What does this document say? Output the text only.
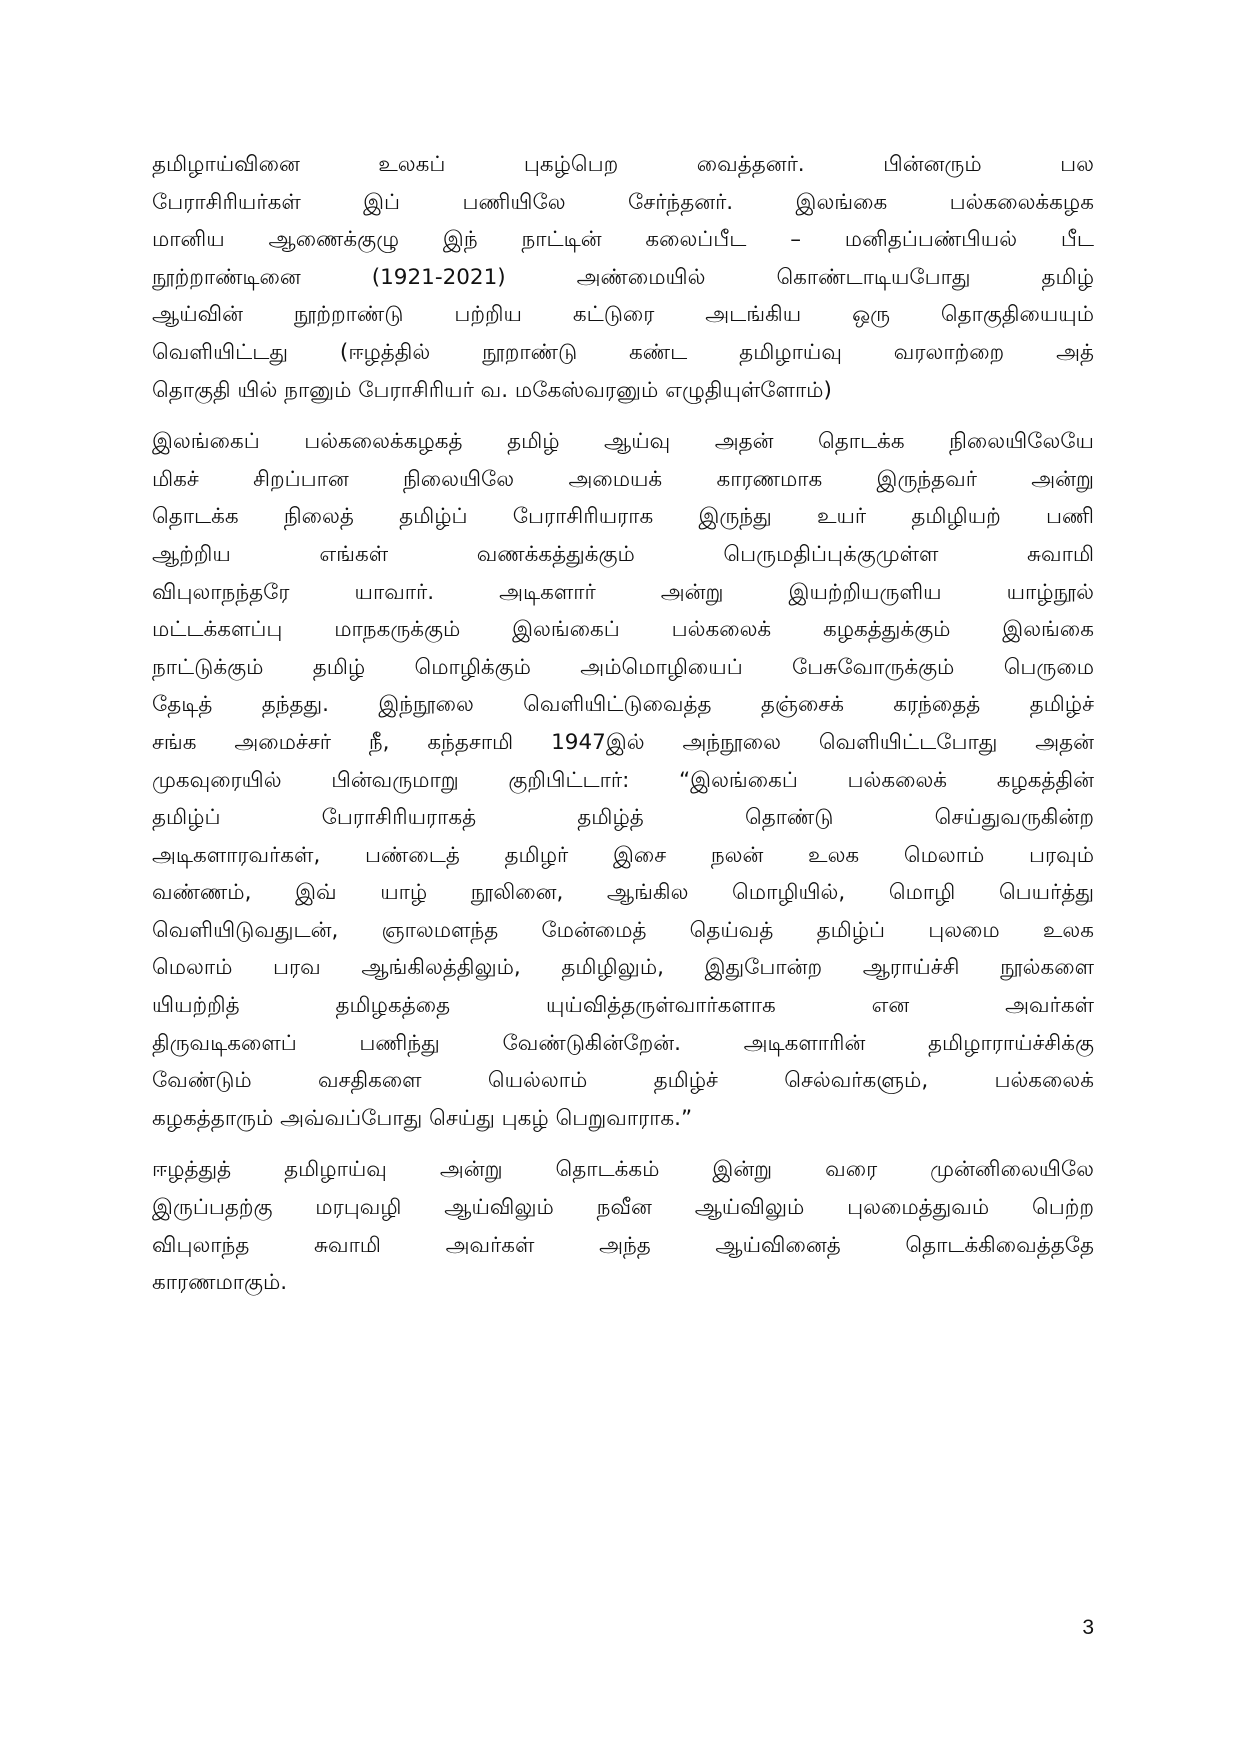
தமிழாய்வினை உலகப் புகழ்பெற வைத்தனர். பின்னரும் பல
பேராசிரியர்கள் இப் பணியிலே சேர்ந்தனர். இலங்கை பல்கலைக்கழக
மானிய ஆணைக்குழு இந் நாட்டின் கலைப்பீட – மனிதப்பண்பியல் பீட
நூற்றாண்டினை (1921-2021) அண்மையில் கொண்டாடியபோது தமிழ்
ஆய்வின் நூற்றாண்டு பற்றிய கட்டுரை அடங்கிய ஒரு தொகுதியையும்
வெளியிட்டது (ஈழத்தில் நூறாண்டு கண்ட தமிழாய்வு வரலாற்றை அத்
தொகுதி யில் நானும் பேராசிரியர் வ. மகேஸ்வரனும் எழுதியுள்ளோம்)
இலங்கைப் பல்கலைக்கழகத் தமிழ் ஆய்வு அதன் தொடக்க நிலையிலேயே
மிகச் சிறப்பான நிலையிலே அமையக் காரணமாக இருந்தவர் அன்று
தொடக்க நிலைத் தமிழ்ப் பேராசிரியராக இருந்து உயர் தமிழியற் பணி
ஆற்றிய எங்கள் வணக்கத்துக்கும் பெருமதிப்புக்குமுள்ள சுவாமி
விபுலாநந்தரே யாவார். அடிகளார் அன்று இயற்றியருளிய யாழ்நூல்
மட்டக்களப்பு மாநகருக்கும் இலங்கைப் பல்கலைக் கழகத்துக்கும் இலங்கை
நாட்டுக்கும் தமிழ் மொழிக்கும் அம்மொழியைப் பேசுவோருக்கும் பெருமை
தேடித் தந்தது. இந்நூலை வெளியிட்டுவைத்த தஞ்சைக் கரந்தைத் தமிழ்ச்
சங்க அமைச்சர் நீ, கந்தசாமி 1947இல் அந்நூலை வெளியிட்டபோது அதன்
முகவுரையில் பின்வருமாறு குறிபிட்டார்: “இலங்கைப் பல்கலைக் கழகத்தின்
தமிழ்ப் பேராசிரியராகத் தமிழ்த் தொண்டு செய்துவருகின்ற
அடிகளாரவர்கள், பண்டைத் தமிழர் இசை நலன் உலக மெலாம் பரவும்
வண்ணம், இவ் யாழ் நூலினை, ஆங்கில மொழியில், மொழி பெயர்த்து
வெளியிடுவதுடன், ஞாலமளந்த மேன்மைத் தெய்வத் தமிழ்ப் புலமை உலக
மெலாம் பரவ ஆங்கிலத்திலும், தமிழிலும், இதுபோன்ற ஆராய்ச்சி நூல்களை
யியற்றித் தமிழகத்தை யுய்வித்தருள்வார்களாக என அவர்கள்
திருவடிகளைப் பணிந்து வேண்டுகின்றேன். அடிகளாரின் தமிழாராய்ச்சிக்கு
வேண்டும் வசதிகளை யெல்லாம் தமிழ்ச் செல்வர்களும், பல்கலைக்
கழகத்தாரும் அவ்வப்போது செய்து புகழ் பெறுவாராக.”
ஈழத்துத் தமிழாய்வு அன்று தொடக்கம் இன்று வரை முன்னிலையிலே
இருப்பதற்கு மரபுவழி ஆய்விலும் நவீன ஆய்விலும் புலமைத்துவம் பெற்ற
விபுலாந்த சுவாமி அவர்கள் அந்த ஆய்வினைத் தொடக்கிவைத்ததே
காரணமாகும்.
3
